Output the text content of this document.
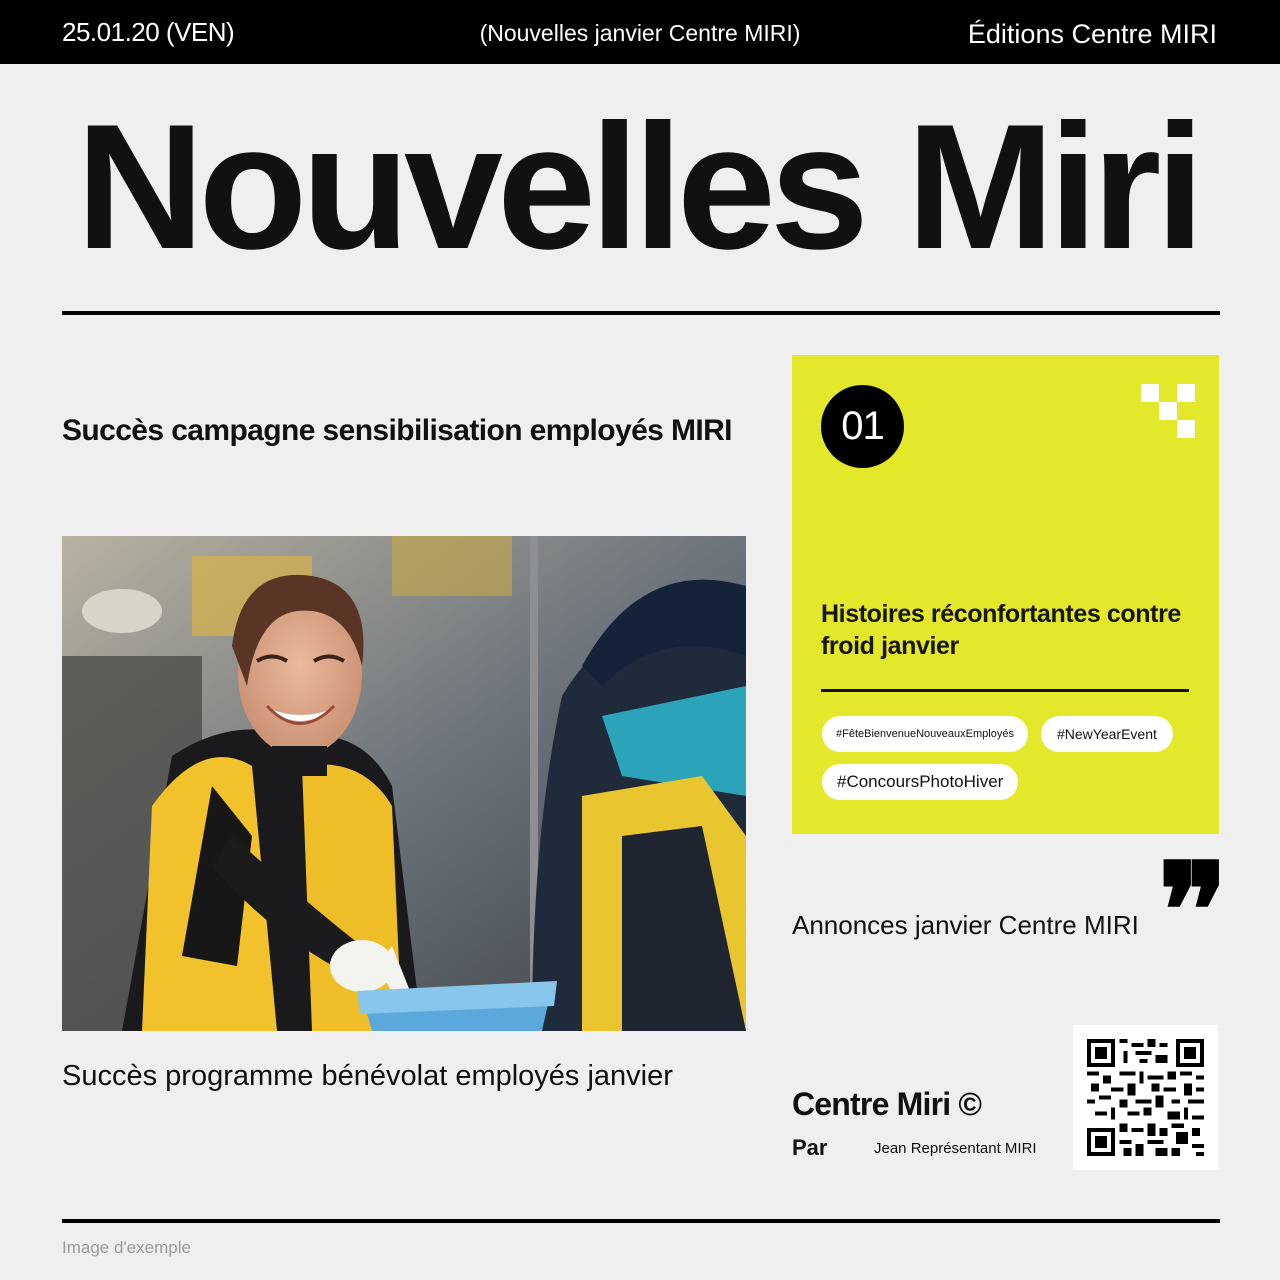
25.01.20 (VEN)	(Nouvelles janvier Centre MIRI)	Éditions Centre MIRI
Nouvelles Miri
Succès campagne sensibilisation employés MIRI
Succès programme bénévolat employés janvier
01
Histoires réconfortantes contre froid janvier
#FêteBienvenueNouveauxEmployés	#NewYearEvent
#ConcoursPhotoHiver
❞
Annonces janvier Centre MIRI
Centre Miri ©
Par	Jean Représentant MIRI
Image d'exemple
